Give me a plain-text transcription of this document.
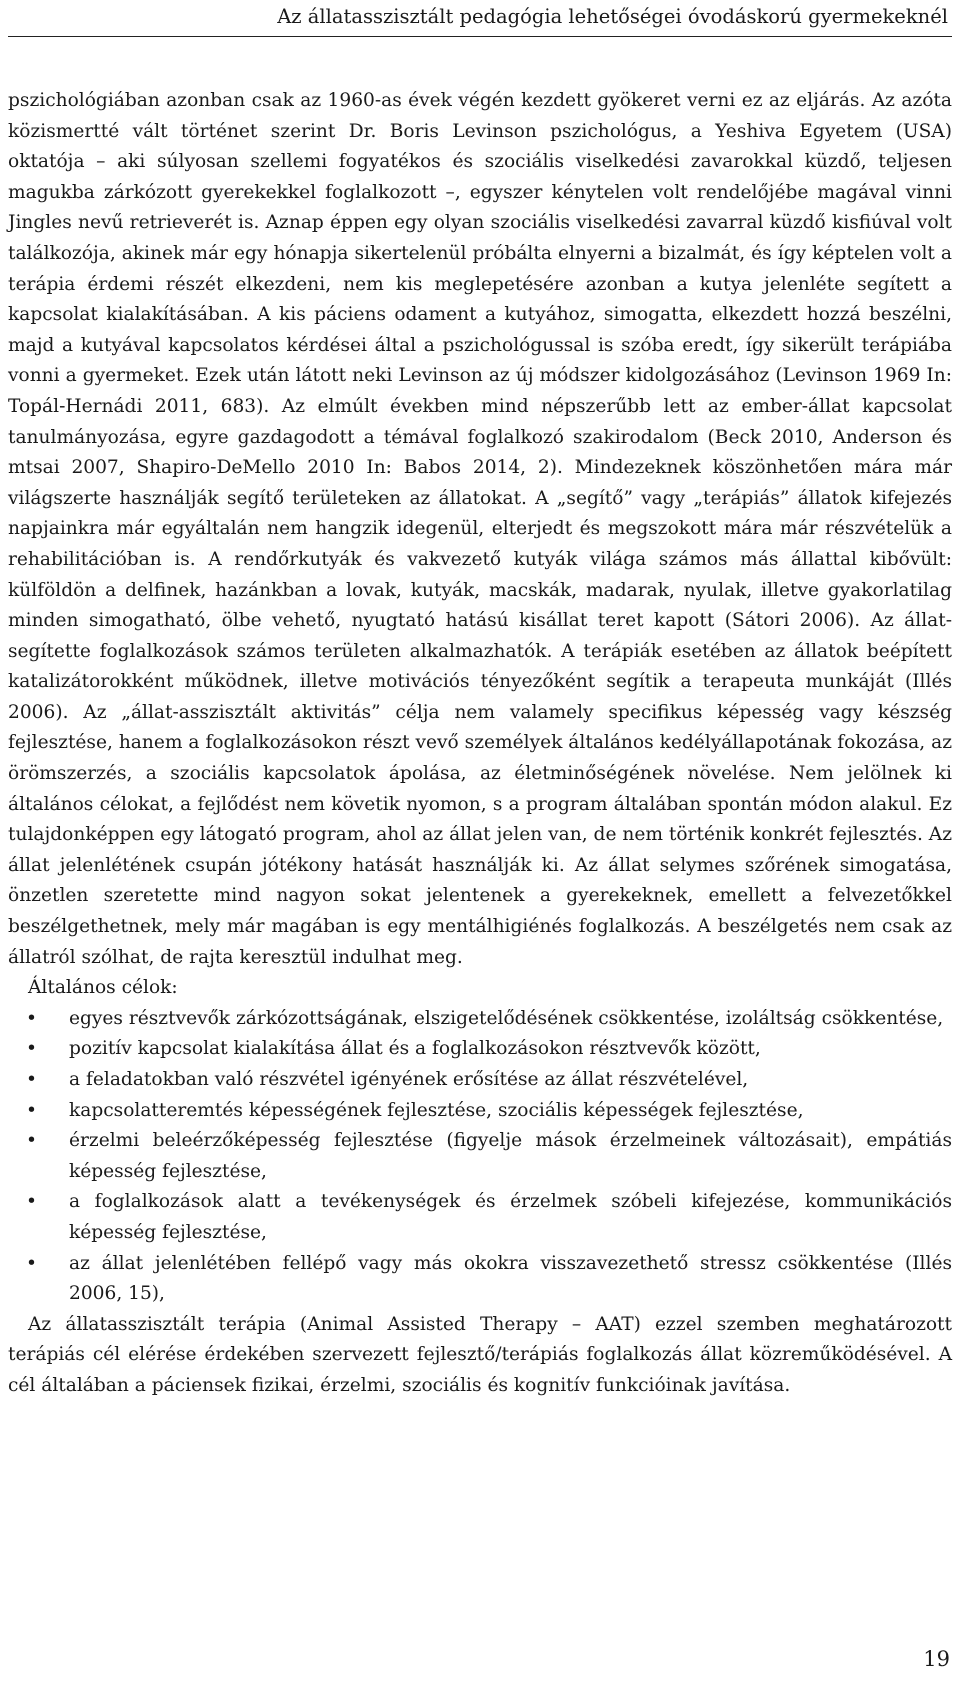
Az állatasszisztált pedagógia lehetőségei óvodáskorú gyermekeknél

pszichológiában azonban csak az 1960-as évek végén kezdett gyökeret verni ez az eljárás. Az azóta közismertté vált történet szerint Dr. Boris Levinson pszichológus, a Yeshiva Egyetem (USA) oktatója – aki súlyosan szellemi fogyatékos és szociális viselkedési zavarokkal küzdő, teljesen magukba zárkózott gyerekekkel foglalkozott –, egyszer kénytelen volt rendelőjébe magával vinni Jingles nevű retrieverét is. Aznap éppen egy olyan szociális viselkedési zavarral küzdő kisfiúval volt találkozója, akinek már egy hónapja sikertelenül próbálta elnyerni a bizalmát, és így képtelen volt a terápia érdemi részét elkezdeni, nem kis meglepetésére azonban a kutya jelenléte segített a kapcsolat kialakításában. A kis páciens odament a kutyához, simogatta, elkezdett hozzá beszélni, majd a kutyával kapcsolatos kérdései által a pszichológussal is szóba eredt, így sikerült terápiába vonni a gyermeket. Ezek után látott neki Levinson az új módszer kidolgozásához (Levinson 1969 In: Topál-Hernádi 2011, 683). Az elmúlt években mind népszerűbb lett az ember-állat kapcsolat tanulmányozása, egyre gazdagodott a témával foglalkozó szakirodalom (Beck 2010, Anderson és mtsai 2007, Shapiro-DeMello 2010 In: Babos 2014, 2). Mindezeknek köszönhetően mára már világszerte használják segítő területeken az állatokat. A „segítő” vagy „terápiás” állatok kifejezés napjainkra már egyáltalán nem hangzik idegenül, elterjedt és megszokott mára már részvételük a rehabilitációban is. A rendőrkutyák és vakvezető kutyák világa számos más állattal kibővült: külföldön a delfinek, hazánkban a lovak, kutyák, macskák, madarak, nyulak, illetve gyakorlatilag minden simogatható, ölbe vehető, nyugtató hatású kisállat teret kapott (Sátori 2006). Az állat-segítette foglalkozások számos területen alkalmazhatók. A terápiák esetében az állatok beépített katalizátorokként működnek, illetve motivációs tényezőként segítik a terapeuta munkáját (Illés 2006). Az „állat-asszisztált aktivitás” célja nem valamely specifikus képesség vagy készség fejlesztése, hanem a foglalkozásokon részt vevő személyek általános kedélyállapotának fokozása, az örömszerzés, a szociális kapcsolatok ápolása, az életminőségének növelése. Nem jelölnek ki általános célokat, a fejlődést nem követik nyomon, s a program általában spontán módon alakul. Ez tulajdonképpen egy látogató program, ahol az állat jelen van, de nem történik konkrét fejlesztés. Az állat jelenlétének csupán jótékony hatását használják ki. Az állat selymes szőrének simogatása, önzetlen szeretette mind nagyon sokat jelentenek a gyerekeknek, emellett a felvezetőkkel beszélgethetnek, mely már magában is egy mentálhigiénés foglalkozás. A beszélgetés nem csak az állatról szólhat, de rajta keresztül indulhat meg.

Általános célok:

• egyes résztvevők zárkózottságának, elszigetelődésének csökkentése, izoláltság csökkentése,
• pozitív kapcsolat kialakítása állat és a foglalkozásokon résztvevők között,
• a feladatokban való részvétel igényének erősítése az állat részvételével,
• kapcsolatteremtés képességének fejlesztése, szociális képességek fejlesztése,
• érzelmi beleérzőképesség fejlesztése (figyelje mások érzelmeinek változásait), empátiás képesség fejlesztése,
• a foglalkozások alatt a tevékenységek és érzelmek szóbeli kifejezése, kommunikációs képesség fejlesztése,
• az állat jelenlétében fellépő vagy más okokra visszavezethető stressz csökkentése (Illés 2006, 15),

Az állatasszisztált terápia (Animal Assisted Therapy – AAT) ezzel szemben meghatározott terápiás cél elérése érdekében szervezett fejlesztő/terápiás foglalkozás állat közreműködésével. A cél általában a páciensek fizikai, érzelmi, szociális és kognitív funkcióinak javítása.

19
